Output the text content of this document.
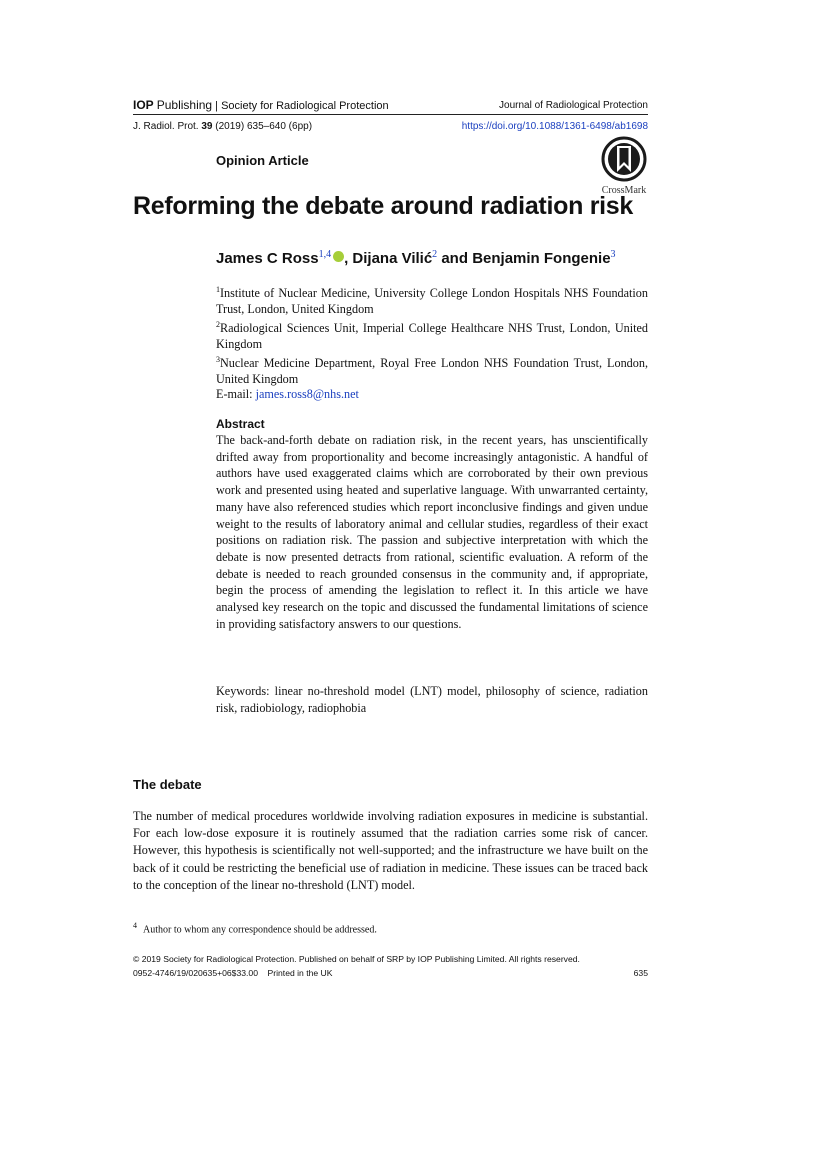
IOP Publishing | Society for Radiological Protection	Journal of Radiological Protection
J. Radiol. Prot. 39 (2019) 635–640 (6pp)	https://doi.org/10.1088/1361-6498/ab1698
Opinion Article
CrossMark
Reforming the debate around radiation risk
James C Ross$^{1,4}$ , Dijana Vilić$^2$ and Benjamin Fongenie$^3$

$^1$Institute of Nuclear Medicine, University College London Hospitals NHS Foundation Trust, London, United Kingdom

$^2$Radiological Sciences Unit, Imperial College Healthcare NHS Trust, London, United Kingdom

$^3$Nuclear Medicine Department, Royal Free London NHS Foundation Trust, London, United Kingdom

E-mail: james.ross8@nhs.net
Abstract
The back-and-forth debate on radiation risk, in the recent years, has unscientifically drifted away from proportionality and become increasingly antagonistic. A handful of authors have used exaggerated claims which are corroborated by their own previous work and presented using heated and superlative language. With unwarranted certainty, many have also referenced studies which report inconclusive findings and given undue weight to the results of laboratory animal and cellular studies, regardless of their exact positions on radiation risk. The passion and subjective interpretation with which the debate is now presented detracts from rational, scientific evaluation. A reform of the debate is needed to reach grounded consensus in the community and, if appropriate, begin the process of amending the legislation to reflect it. In this article we have analysed key research on the topic and discussed the fundamental limitations of science in providing satisfactory answers to our questions.
Keywords: linear no-threshold model (LNT) model, philosophy of science, radiation risk, radiobiology, radiophobia
The debate
The number of medical procedures worldwide involving radiation exposures in medicine is substantial. For each low-dose exposure it is routinely assumed that the radiation carries some risk of cancer. However, this hypothesis is scientifically not well-supported; and the infrastructure we have built on the back of it could be restricting the beneficial use of radiation in medicine. These issues can be traced back to the conception of the linear no-threshold (LNT) model.
$^4$ Author to whom any correspondence should be addressed.
© 2019 Society for Radiological Protection. Published on behalf of SRP by IOP Publishing Limited. All rights reserved.
0952-4746/19/020635+06$33.00    Printed in the UK	635
